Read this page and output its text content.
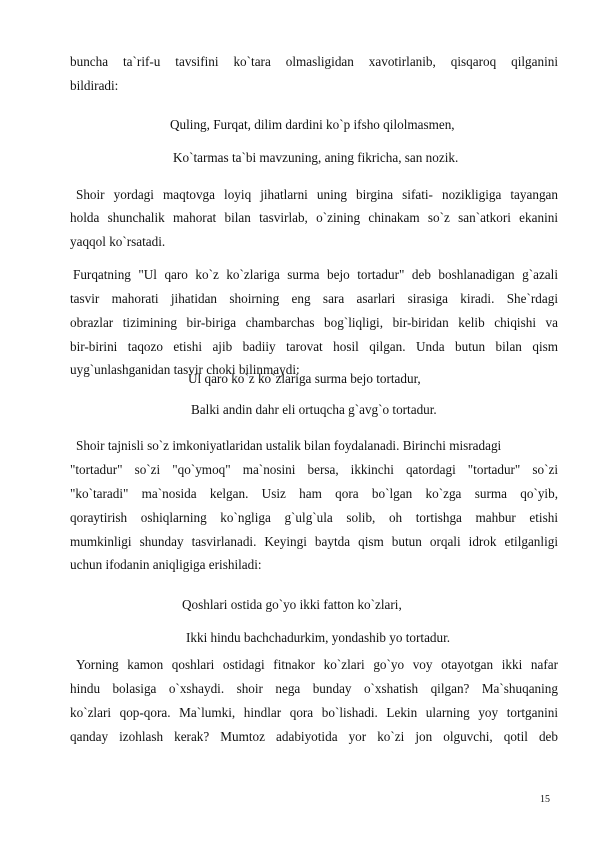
buncha ta`rif-u tavsifini ko`tara olmasligidan xavotirlanib, qisqaroq qilganini
bildiradi:
Quling, Furqat, dilim dardini ko`p ifsho qilolmasmen,
Ko`tarmas ta`bi mavzuning, aning fikricha, san nozik.
Shoir yordagi maqtovga loyiq jihatlarni uning birgina sifati- nozikligiga tayangan
holda shunchalik mahorat bilan tasvirlab, o`zining chinakam so`z san`atkori ekanini
yaqqol ko`rsatadi.
Furqatning "Ul qaro ko`z ko`zlariga surma bejo tortadur" deb boshlanadigan g`azali
tasvir mahorati jihatidan shoirning eng sara asarlari sirasiga kiradi. She`rdagi
obrazlar tizimining bir-biriga chambarchas bog`liqligi, bir-biridan kelib chiqishi va
bir-birini taqozo etishi ajib badiiy tarovat hosil qilgan. Unda butun bilan qism
uyg`unlashganidan tasvir choki bilinmaydi:
Ul qaro ko`z ko`zlariga surma bejo tortadur,
Balki andin dahr eli ortuqcha g`avg`o tortadur.
Shoir tajnisli so`z imkoniyatlaridan ustalik bilan foydalanadi. Birinchi misradagi
"tortadur" so`zi "qo`ymoq" ma`nosini bersa, ikkinchi qatordagi "tortadur" so`zi
"ko`taradi" ma`nosida kelgan. Usiz ham qora bo`lgan ko`zga surma qo`yib,
qoraytirish oshiqlarning ko`ngliga g`ulg`ula solib, oh tortishga mahbur etishi
mumkinligi shunday tasvirlanadi. Keyingi baytda qism butun orqali idrok etilganligi
uchun ifodanin aniqligiga erishiladi:
Qoshlari ostida go`yo ikki fatton ko`zlari,
Ikki hindu bachchadurkim, yondashib yo tortadur.
Yorning kamon qoshlari ostidagi fitnakor ko`zlari go`yo voy otayotgan ikki nafar
hindu bolasiga o`xshaydi. shoir nega bunday o`xshatish qilgan? Ma`shuqaning
ko`zlari qop-qora. Ma`lumki, hindlar qora bo`lishadi. Lekin ularning yoy tortganini
qanday izohlash kerak? Mumtoz adabiyotida yor ko`zi jon olguvchi, qotil deb
15
